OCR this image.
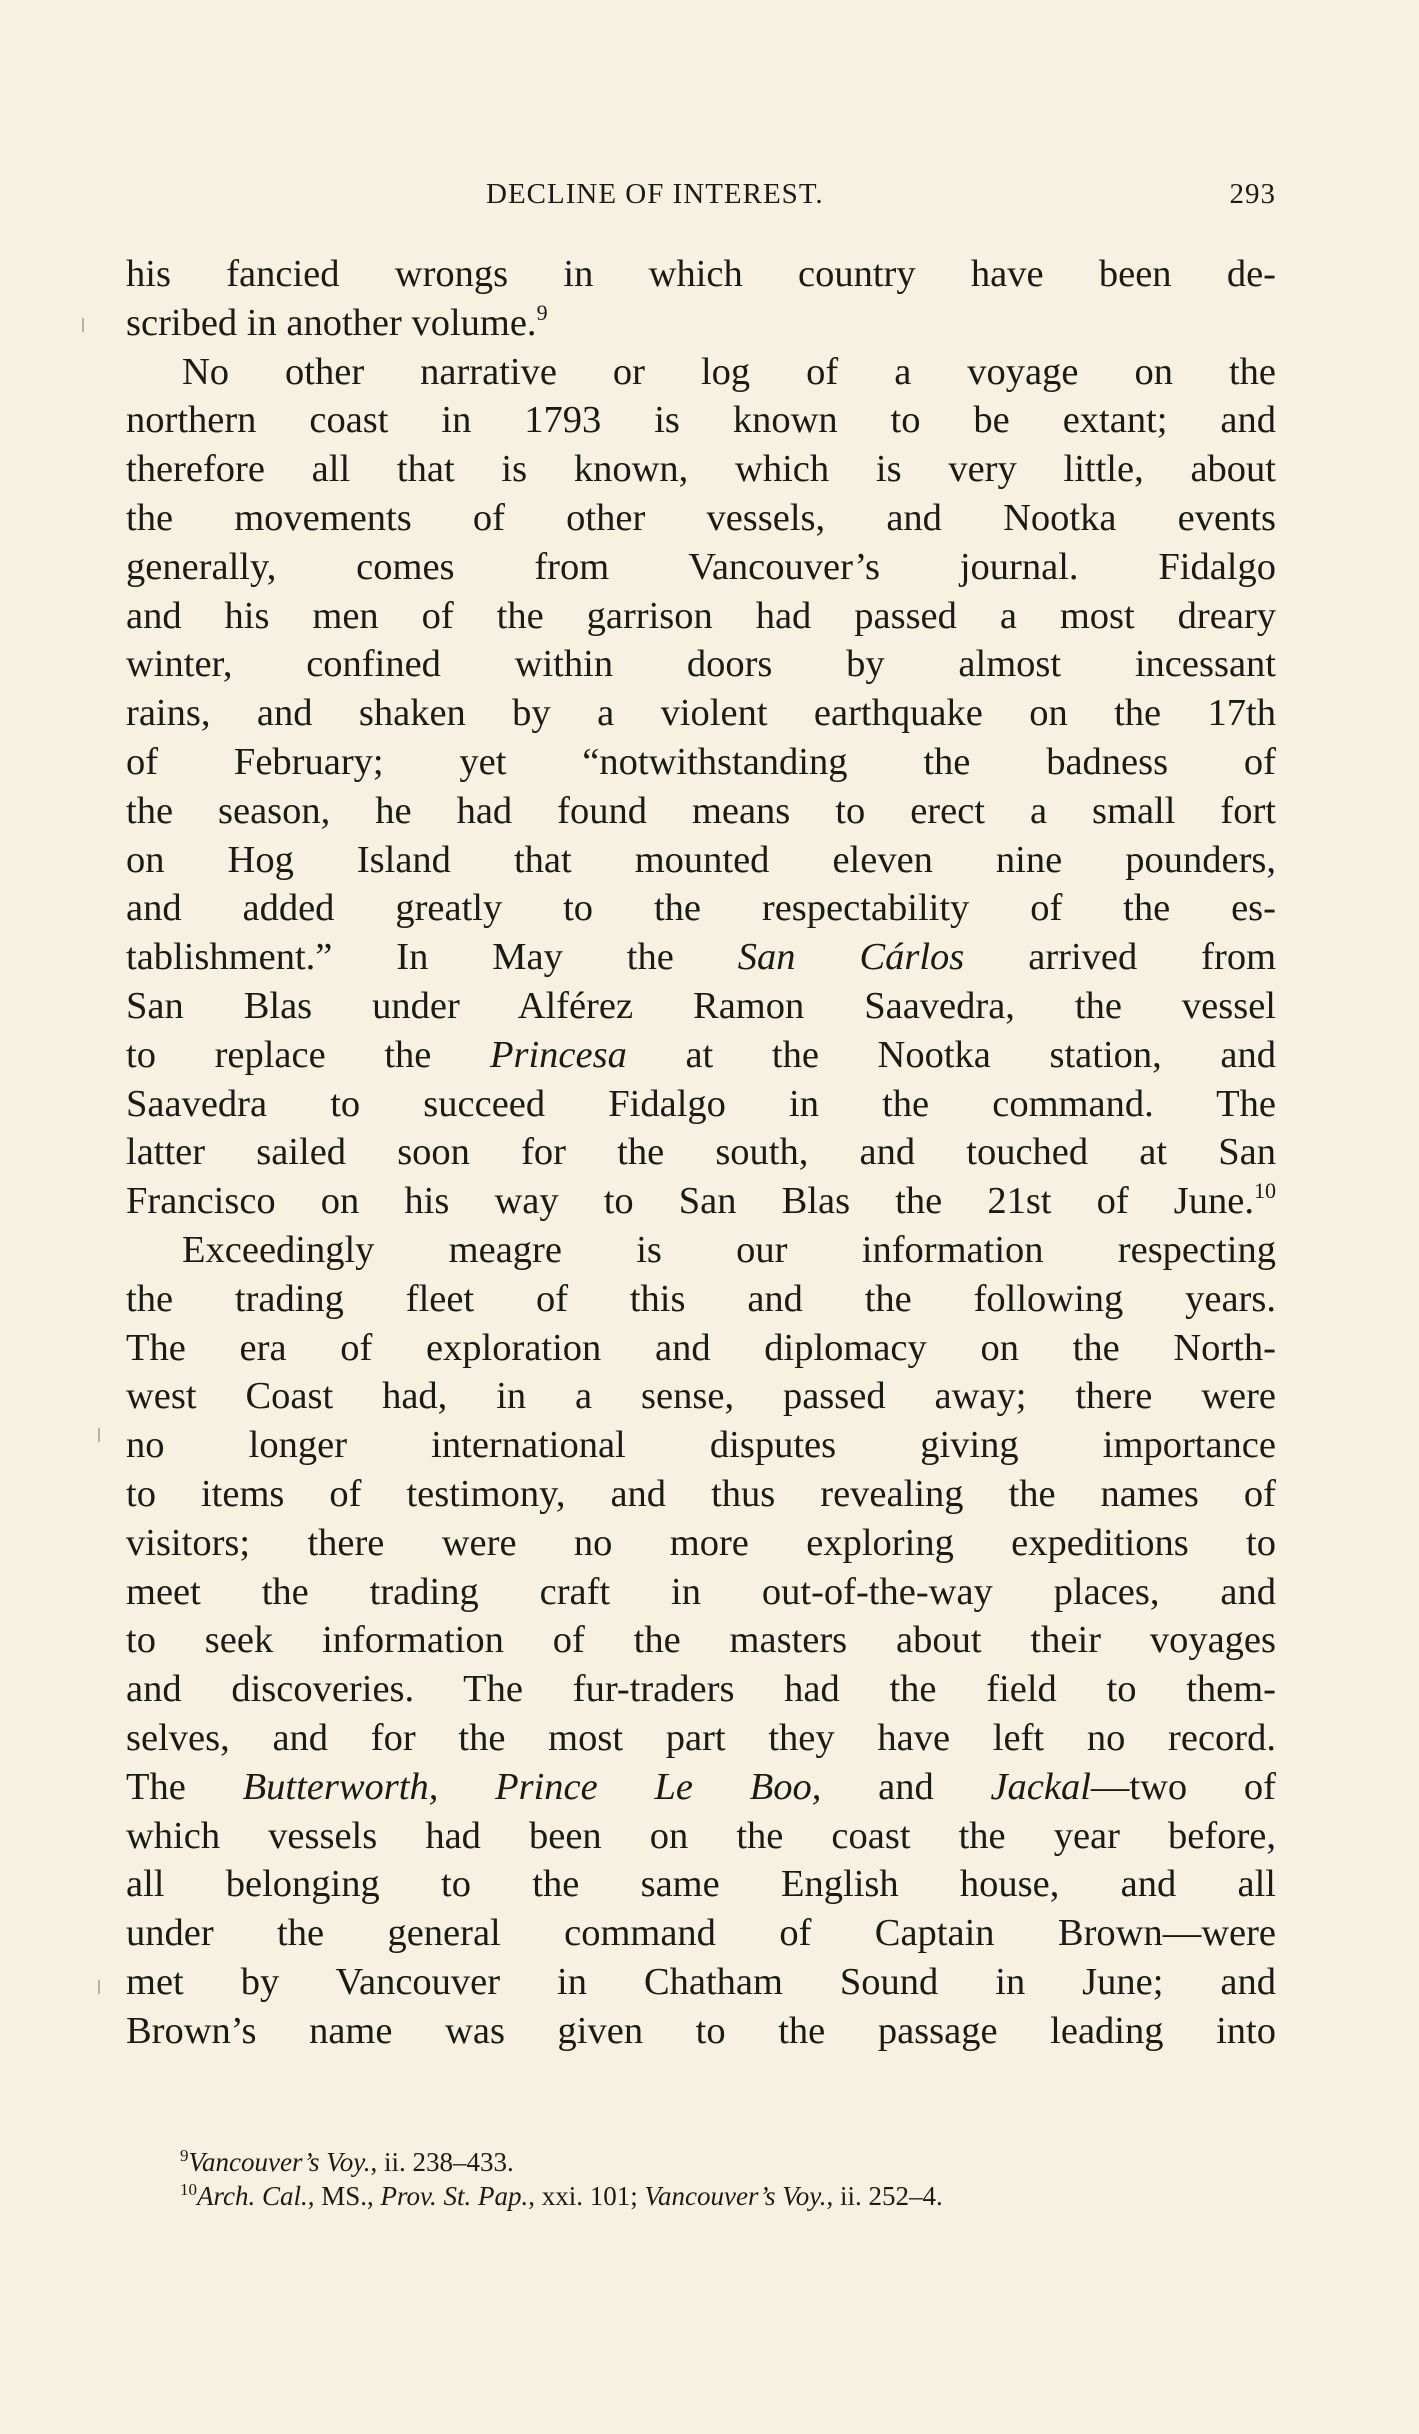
DECLINE OF INTEREST.	293
his fancied wrongs in which country have been de-
scribed in another volume.$^9$
No other narrative or log of a voyage on the
northern coast in 1793 is known to be extant; and
therefore all that is known, which is very little, about
the movements of other vessels, and Nootka events
generally, comes from Vancouver’s journal. Fidalgo
and his men of the garrison had passed a most dreary
winter, confined within doors by almost incessant
rains, and shaken by a violent earthquake on the 17th
of February; yet “notwithstanding the badness of
the season, he had found means to erect a small fort
on Hog Island that mounted eleven nine pounders,
and added greatly to the respectability of the es-
tablishment.” In May the San Cárlos arrived from
San Blas under Alférez Ramon Saavedra, the vessel
to replace the Princesa at the Nootka station, and
Saavedra to succeed Fidalgo in the command. The
latter sailed soon for the south, and touched at San
Francisco on his way to San Blas the 21st of June.$^{10}$
Exceedingly meagre is our information respecting
the trading fleet of this and the following years.
The era of exploration and diplomacy on the North-
west Coast had, in a sense, passed away; there were
no longer international disputes giving importance
to items of testimony, and thus revealing the names of
visitors; there were no more exploring expeditions to
meet the trading craft in out-of-the-way places, and
to seek information of the masters about their voyages
and discoveries. The fur-traders had the field to them-
selves, and for the most part they have left no record.
The Butterworth, Prince Le Boo, and Jackal—two of
which vessels had been on the coast the year before,
all belonging to the same English house, and all
under the general command of Captain Brown—were
met by Vancouver in Chatham Sound in June; and
Brown’s name was given to the passage leading into
$^9$Vancouver’s Voy., ii. 238–433.
$^{10}$Arch. Cal., MS., Prov. St. Pap., xxi. 101; Vancouver’s Voy., ii. 252–4.
